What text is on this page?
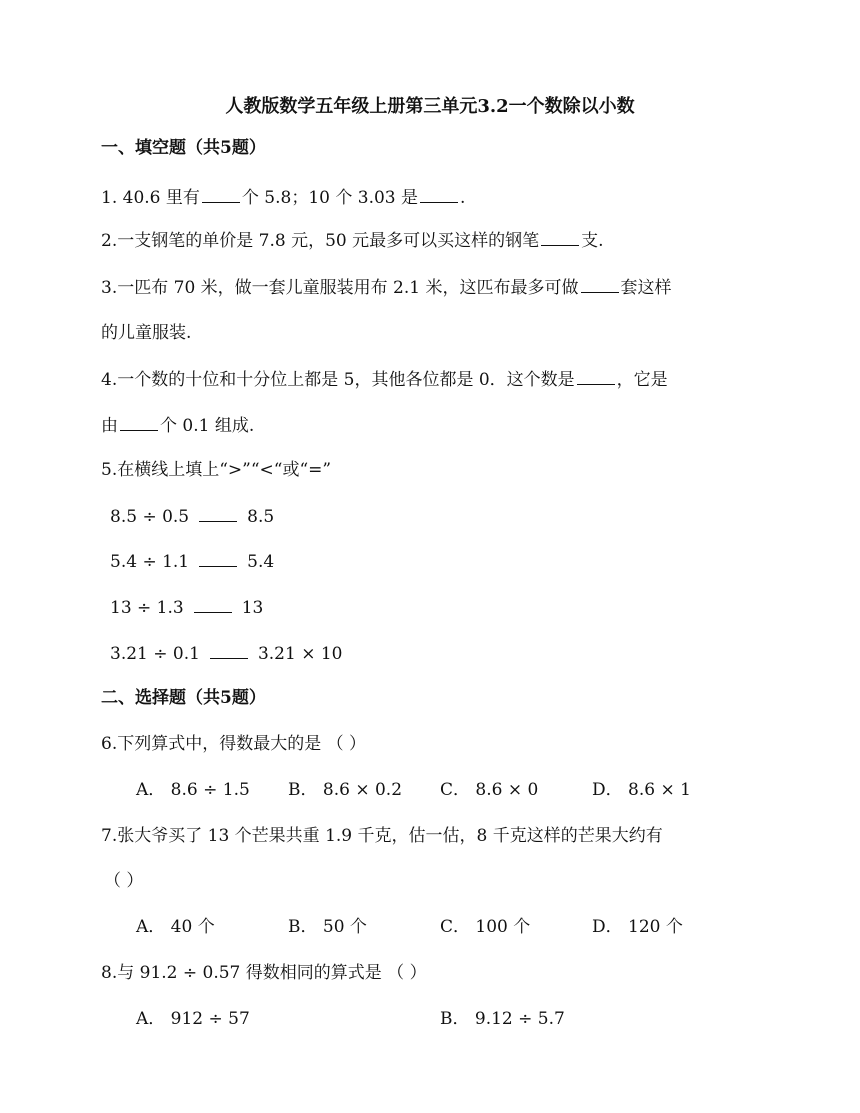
人教版数学五年级上册第三单元3.2一个数除以小数
一、填空题（共5题）
1. 40.6 里有 个 5.8；10 个 3.03 是 .
2.一支钢笔的单价是 7.8 元，50 元最多可以买这样的钢笔 支.
3.一匹布 70 米，做一套儿童服装用布 2.1 米，这匹布最多可做 套这样
的儿童服装.
4.一个数的十位和十分位上都是 5，其他各位都是 0．这个数是 ，它是
由 个 0.1 组成.
5.在横线上填上“>”“<“或“=”
8.5 ÷ 0.5	8.5
5.4 ÷ 1.1	5.4
13 ÷ 1.3	13
3.21 ÷ 0.1	3.21 × 10
二、选择题（共5题）
6.下列算式中，得数最大的是 （ ）
A． 8.6 ÷ 1.5 B． 8.6 × 0.2 C． 8.6 × 0	D． 8.6 × 1
7.张大爷买了 13 个芒果共重 1.9 千克，估一估，8 千克这样的芒果大约有
（ ）
A． 40 个	B． 50 个	C． 100 个	D． 120 个
8.与 91.2 ÷ 0.57 得数相同的算式是 （ ）
A． 912 ÷ 57	B． 9.12 ÷ 5.7
